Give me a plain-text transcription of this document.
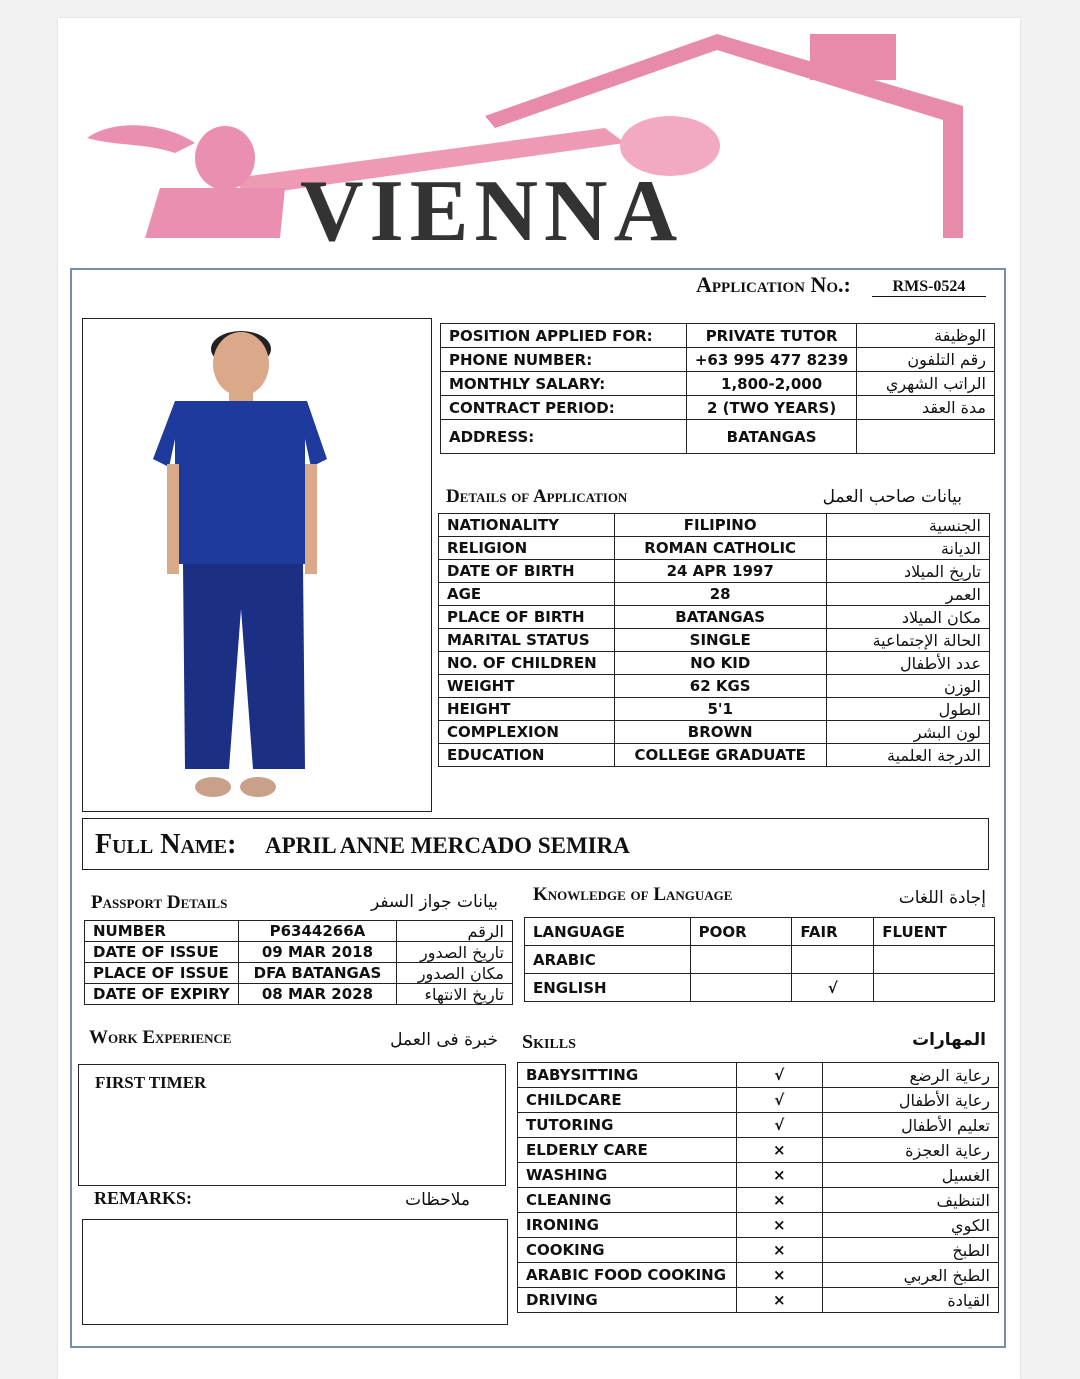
VIENNA
Application No.:	RMS-0524
POSITION APPLIED FOR:	PRIVATE TUTOR	الوظيفة
PHONE NUMBER:	+63 995 477 8239	رقم التلفون
MONTHLY SALARY:	1,800-2,000	الراتب الشهري
CONTRACT PERIOD:	2 (TWO YEARS)	مدة العقد
ADDRESS:	BATANGAS	
Details of Application	بيانات صاحب العمل
NATIONALITY	FILIPINO	الجنسية
RELIGION	ROMAN CATHOLIC	الديانة
DATE OF BIRTH	24 APR 1997	تاريخ الميلاد
AGE	28	العمر
PLACE OF BIRTH	BATANGAS	مكان الميلاد
MARITAL STATUS	SINGLE	الحالة الإجتماعية
NO. OF CHILDREN	NO KID	عدد الأطفال
WEIGHT	62 KGS	الوزن
HEIGHT	5'1	الطول
COMPLEXION	BROWN	لون البشر
EDUCATION	COLLEGE GRADUATE	الدرجة العلمية
Full Name: APRIL ANNE MERCADO SEMIRA
Passport Details	بيانات جواز السفر
NUMBER	P6344266A	الرقم
DATE OF ISSUE	09 MAR 2018	تاريخ الصدور
PLACE OF ISSUE	DFA BATANGAS	مكان الصدور
DATE OF EXPIRY	08 MAR 2028	تاريخ الانتهاء
Knowledge of Language	إجادة اللغات
LANGUAGE	POOR	FAIR	FLUENT
ARABIC			
ENGLISH		√	
Work Experience	خبرة فى العمل
FIRST TIMER
REMARKS:	ملاحظات
Skills	المهارات
BABYSITTING	√	رعاية الرضع
CHILDCARE	√	رعاية الأطفال
TUTORING	√	تعليم الأطفال
ELDERLY CARE	×	رعاية العجزة
WASHING	×	الغسيل
CLEANING	×	التنظيف
IRONING	×	الكوي
COOKING	×	الطبخ
ARABIC FOOD COOKING	×	الطبخ العربي
DRIVING	×	القيادة
